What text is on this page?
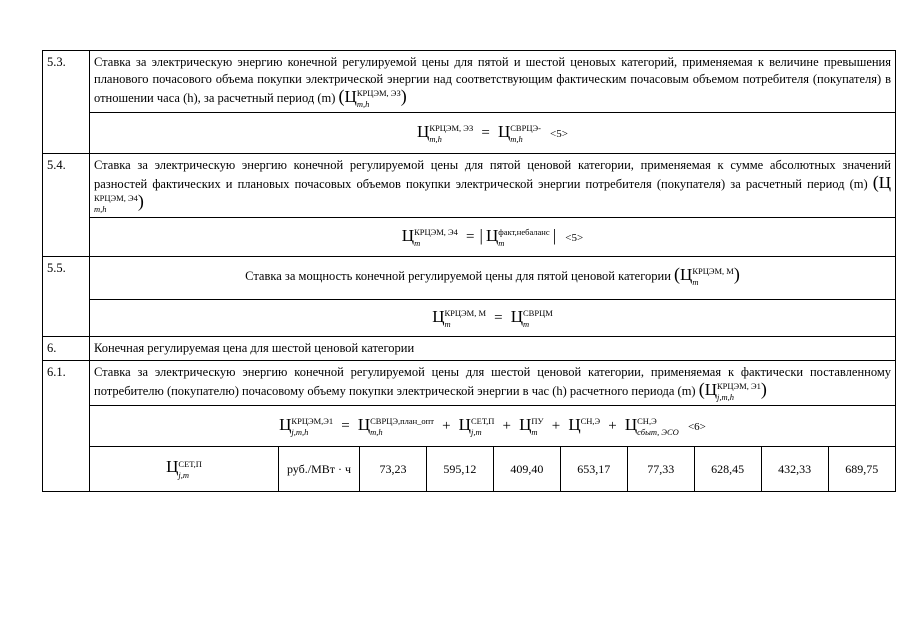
5.3.	Ставка за электрическую энергию конечной регулируемой цены для пятой и шестой ценовых категорий, применяемая к величине превышения планового почасового объема покупки электрической энергии над соответствующим фактическим почасовым объемом потребителя (покупателя) в отношении часа (h), за расчетный период (m) (Ц КРЦЭМ, ЭЗ
m,h	)
Ц КРЦЭМ, ЭЗ
m,h	= Ц СВРЦЭ-
m,h	<5>
5.4.	Ставка за электрическую энергию конечной регулируемой цены для пятой ценовой категории, применяемая к сумме абсолютных значений разностей фактических и плановых почасовых объемов покупки электрической энергии потребителя (покупателя) за расчетный период (m) (Ц
КРЦЭМ, Э4
m,h	)
Ц КРЦЭМ, Э4
m	= | Ц факт,небаланс
m	| <5>
5.5.	Ставка за мощность конечной регулируемой цены для пятой ценовой категории (Ц КРЦЭМ, М
m	)
Ц КРЦЭМ, М
m	= Ц СВРЦМ
m

6.	Конечная регулируемая цена для шестой ценовой категории
6.1.	Ставка за электрическую энергию конечной регулируемой цены для шестой ценовой категории, применяемая к фактически поставленному потребителю (покупателю) почасовому объему покупки электрической энергии в час (h) расчетного периода (m) (Ц КРЦЭМ, Э1
j,m,h	)
Ц КРЦЭМ,Э1
j,m,h	= Ц СВРЦЭ,план_опт
m,h	+ Ц СЕТ,П
j,m	+ Ц ПУ
m + Ц СН,Э
+ Ц СН,Э
сбыт, ЭСО <6>

Ц СЕТ,П
j,m	руб./МВт · ч	73,23	595,12	409,40	653,17	77,33	628,45	432,33	689,75
